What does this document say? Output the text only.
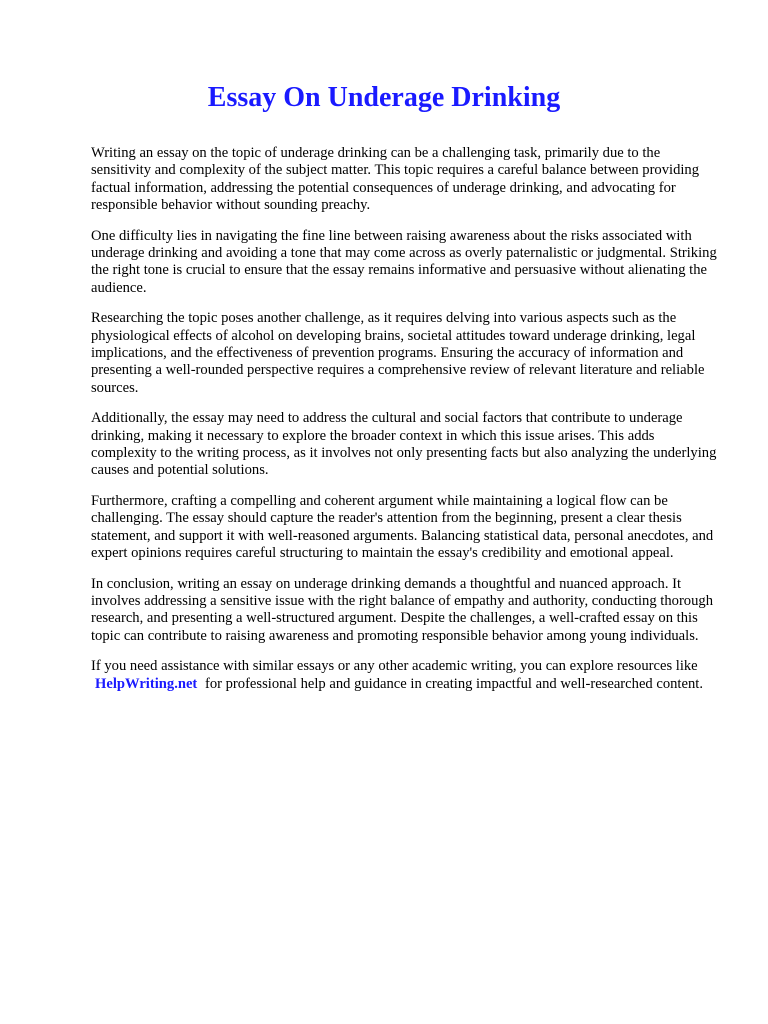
Essay On Underage Drinking

Writing an essay on the topic of underage drinking can be a challenging task, primarily due to the sensitivity and complexity of the subject matter. This topic requires a careful balance between providing factual information, addressing the potential consequences of underage drinking, and advocating for responsible behavior without sounding preachy.

One difficulty lies in navigating the fine line between raising awareness about the risks associated with underage drinking and avoiding a tone that may come across as overly paternalistic or judgmental. Striking the right tone is crucial to ensure that the essay remains informative and persuasive without alienating the audience.

Researching the topic poses another challenge, as it requires delving into various aspects such as the physiological effects of alcohol on developing brains, societal attitudes toward underage drinking, legal implications, and the effectiveness of prevention programs. Ensuring the accuracy of information and presenting a well-rounded perspective requires a comprehensive review of relevant literature and reliable sources.

Additionally, the essay may need to address the cultural and social factors that contribute to underage drinking, making it necessary to explore the broader context in which this issue arises. This adds complexity to the writing process, as it involves not only presenting facts but also analyzing the underlying causes and potential solutions.

Furthermore, crafting a compelling and coherent argument while maintaining a logical flow can be challenging. The essay should capture the reader's attention from the beginning, present a clear thesis statement, and support it with well-reasoned arguments. Balancing statistical data, personal anecdotes, and expert opinions requires careful structuring to maintain the essay's credibility and emotional appeal.

In conclusion, writing an essay on underage drinking demands a thoughtful and nuanced approach. It involves addressing a sensitive issue with the right balance of empathy and authority, conducting thorough research, and presenting a well-structured argument. Despite the challenges, a well-crafted essay on this topic can contribute to raising awareness and promoting responsible behavior among young individuals.

If you need assistance with similar essays or any other academic writing, you can explore resources like HelpWriting.net for professional help and guidance in creating impactful and well-researched content.
